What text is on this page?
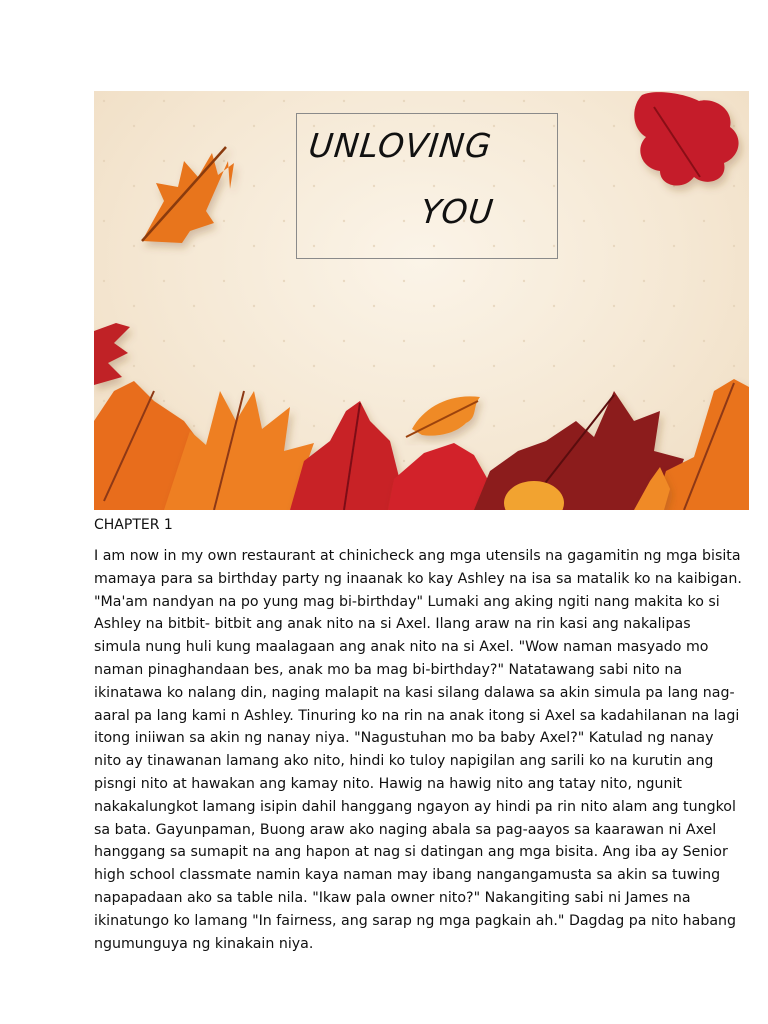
UNLOVING
YOU
CHAPTER 1
I am now in my own restaurant at chinicheck ang mga utensils na gagamitin ng mga bisita
mamaya para sa birthday party ng inaanak ko kay Ashley na isa sa matalik ko na kaibigan.
"Ma'am nandyan na po yung mag bi-birthday" Lumaki ang aking ngiti nang makita ko si
Ashley na bitbit- bitbit ang anak nito na si Axel. Ilang araw na rin kasi ang nakalipas
simula nung huli kung maalagaan ang anak nito na si Axel. "Wow naman masyado mo
naman pinaghandaan bes, anak mo ba mag bi-birthday?" Natatawang sabi nito na
ikinatawa ko nalang din, naging malapit na kasi silang dalawa sa akin simula pa lang nag-
aaral pa lang kami n Ashley. Tinuring ko na rin na anak itong si Axel sa kadahilanan na lagi
itong iniiwan sa akin ng nanay niya. "Nagustuhan mo ba baby Axel?" Katulad ng nanay
nito ay tinawanan lamang ako nito, hindi ko tuloy napigilan ang sarili ko na kurutin ang
pisngi nito at hawakan ang kamay nito. Hawig na hawig nito ang tatay nito, ngunit
nakakalungkot lamang isipin dahil hanggang ngayon ay hindi pa rin nito alam ang tungkol
sa bata. Gayunpaman, Buong araw ako naging abala sa pag-aayos sa kaarawan ni Axel
hanggang sa sumapit na ang hapon at nag si datingan ang mga bisita. Ang iba ay Senior
high school classmate namin kaya naman may ibang nangangamusta sa akin sa tuwing
napapadaan ako sa table nila. "Ikaw pala owner nito?" Nakangiting sabi ni James na
ikinatungo ko lamang "In fairness, ang sarap ng mga pagkain ah." Dagdag pa nito habang
ngumunguya ng kinakain niya.
